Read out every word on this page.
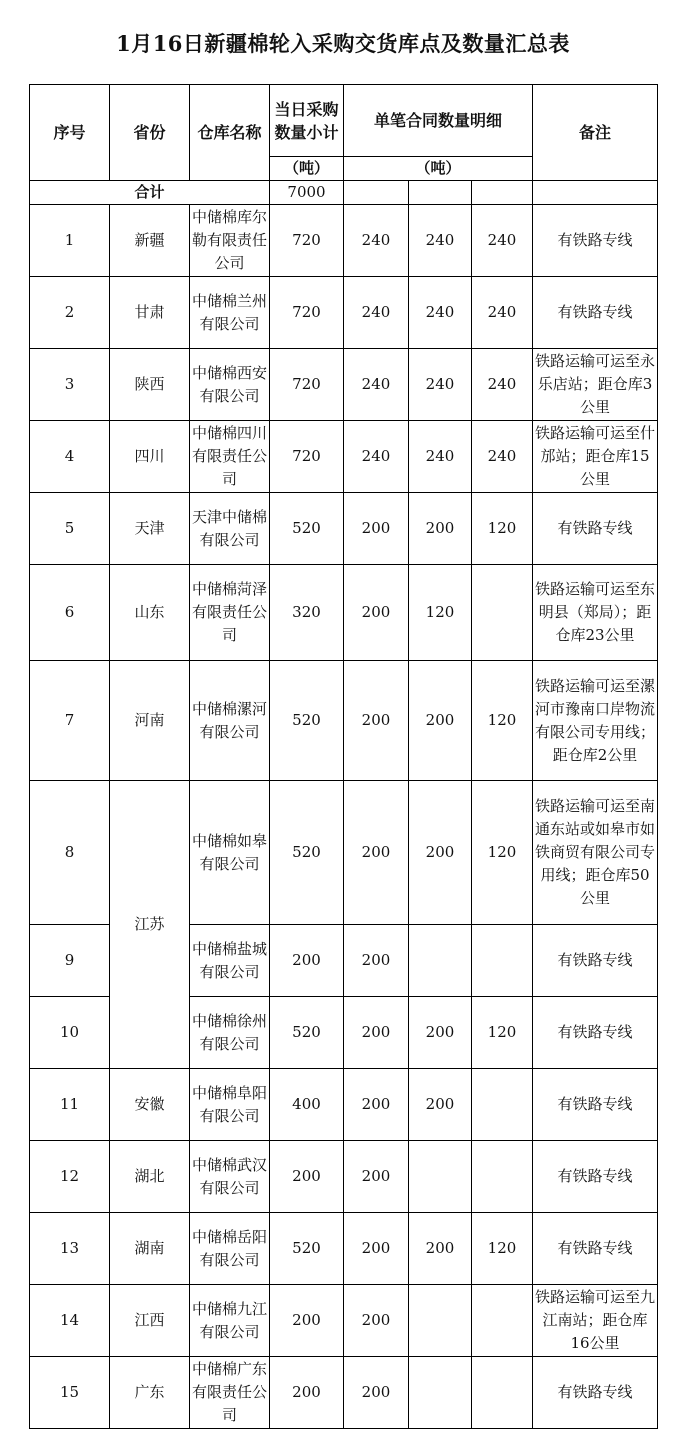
1月16日新疆棉轮入采购交货库点及数量汇总表
序号	省份	仓库名称	当日采购数量小计	单笔合同数量明细			备注
			（吨）	（吨）			
合计			7000				
1	新疆	中储棉库尔勒有限责任公司	720	240	240	240	有铁路专线
2	甘肃	中储棉兰州有限公司	720	240	240	240	有铁路专线
3	陕西	中储棉西安有限公司	720	240	240	240	铁路运输可运至永乐店站；距仓库3公里
4	四川	中储棉四川有限责任公司	720	240	240	240	铁路运输可运至什邡站；距仓库15公里
5	天津	天津中储棉有限公司	520	200	200	120	有铁路专线
6	山东	中储棉菏泽有限责任公司	320	200	120		铁路运输可运至东明县（郑局）；距仓库23公里
7	河南	中储棉漯河有限公司	520	200	200	120	铁路运输可运至漯河市豫南口岸物流有限公司专用线；距仓库2公里
8	江苏	中储棉如皋有限公司	520	200	200	120	铁路运输可运至南通东站或如皋市如铁商贸有限公司专用线；距仓库50公里
9		中储棉盐城有限公司	200	200			有铁路专线
10		中储棉徐州有限公司	520	200	200	120	有铁路专线
11	安徽	中储棉阜阳有限公司	400	200	200		有铁路专线
12	湖北	中储棉武汉有限公司	200	200			有铁路专线
13	湖南	中储棉岳阳有限公司	520	200	200	120	有铁路专线
14	江西	中储棉九江有限公司	200	200			铁路运输可运至九江南站；距仓库16公里
15	广东	中储棉广东有限责任公司	200	200			有铁路专线
